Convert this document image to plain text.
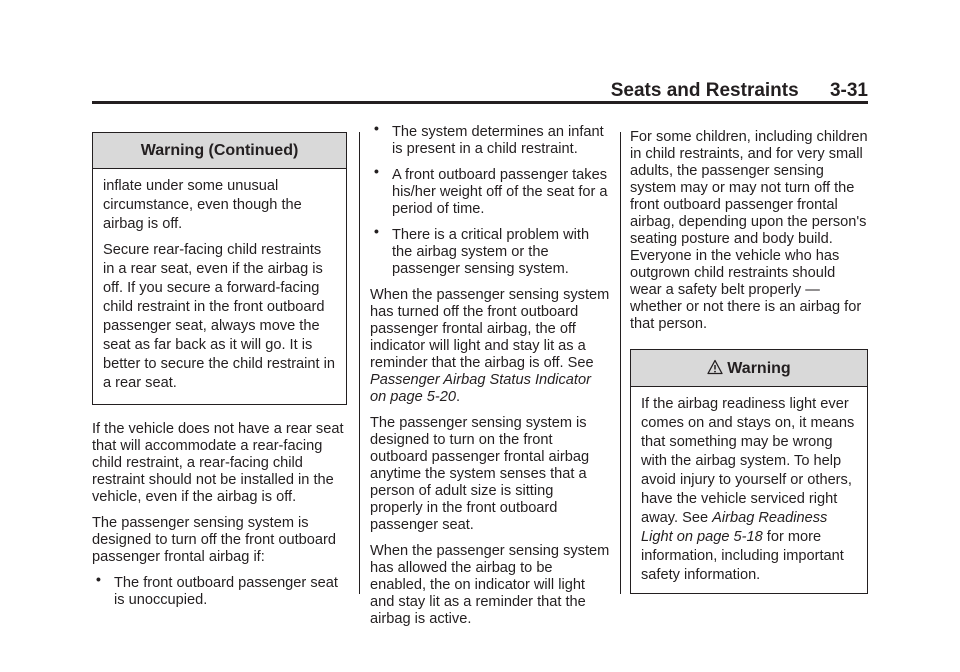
Seats and Restraints 3-31
Warning (Continued)

inflate under some unusual circumstance, even though the airbag is off.

Secure rear-facing child restraints in a rear seat, even if the airbag is off. If you secure a forward-facing child restraint in the front outboard passenger seat, always move the seat as far back as it will go. It is better to secure the child restraint in a rear seat.

If the vehicle does not have a rear seat that will accommodate a rear-facing child restraint, a rear-facing child restraint should not be installed in the vehicle, even if the airbag is off.

The passenger sensing system is designed to turn off the front outboard passenger frontal airbag if:

• The front outboard passenger seat is unoccupied.
• The system determines an infant is present in a child restraint.
• A front outboard passenger takes his/her weight off of the seat for a period of time.
• There is a critical problem with the airbag system or the passenger sensing system.

When the passenger sensing system has turned off the front outboard passenger frontal airbag, the off indicator will light and stay lit as a reminder that the airbag is off. See Passenger Airbag Status Indicator on page 5-20.

The passenger sensing system is designed to turn on the front outboard passenger frontal airbag anytime the system senses that a person of adult size is sitting properly in the front outboard passenger seat.

When the passenger sensing system has allowed the airbag to be enabled, the on indicator will light and stay lit as a reminder that the airbag is active.

For some children, including children in child restraints, and for very small adults, the passenger sensing system may or may not turn off the front outboard passenger frontal airbag, depending upon the person's seating posture and body build. Everyone in the vehicle who has outgrown child restraints should wear a safety belt properly — whether or not there is an airbag for that person.

Warning

If the airbag readiness light ever comes on and stays on, it means that something may be wrong with the airbag system. To help avoid injury to yourself or others, have the vehicle serviced right away. See Airbag Readiness Light on page 5-18 for more information, including important safety information.
